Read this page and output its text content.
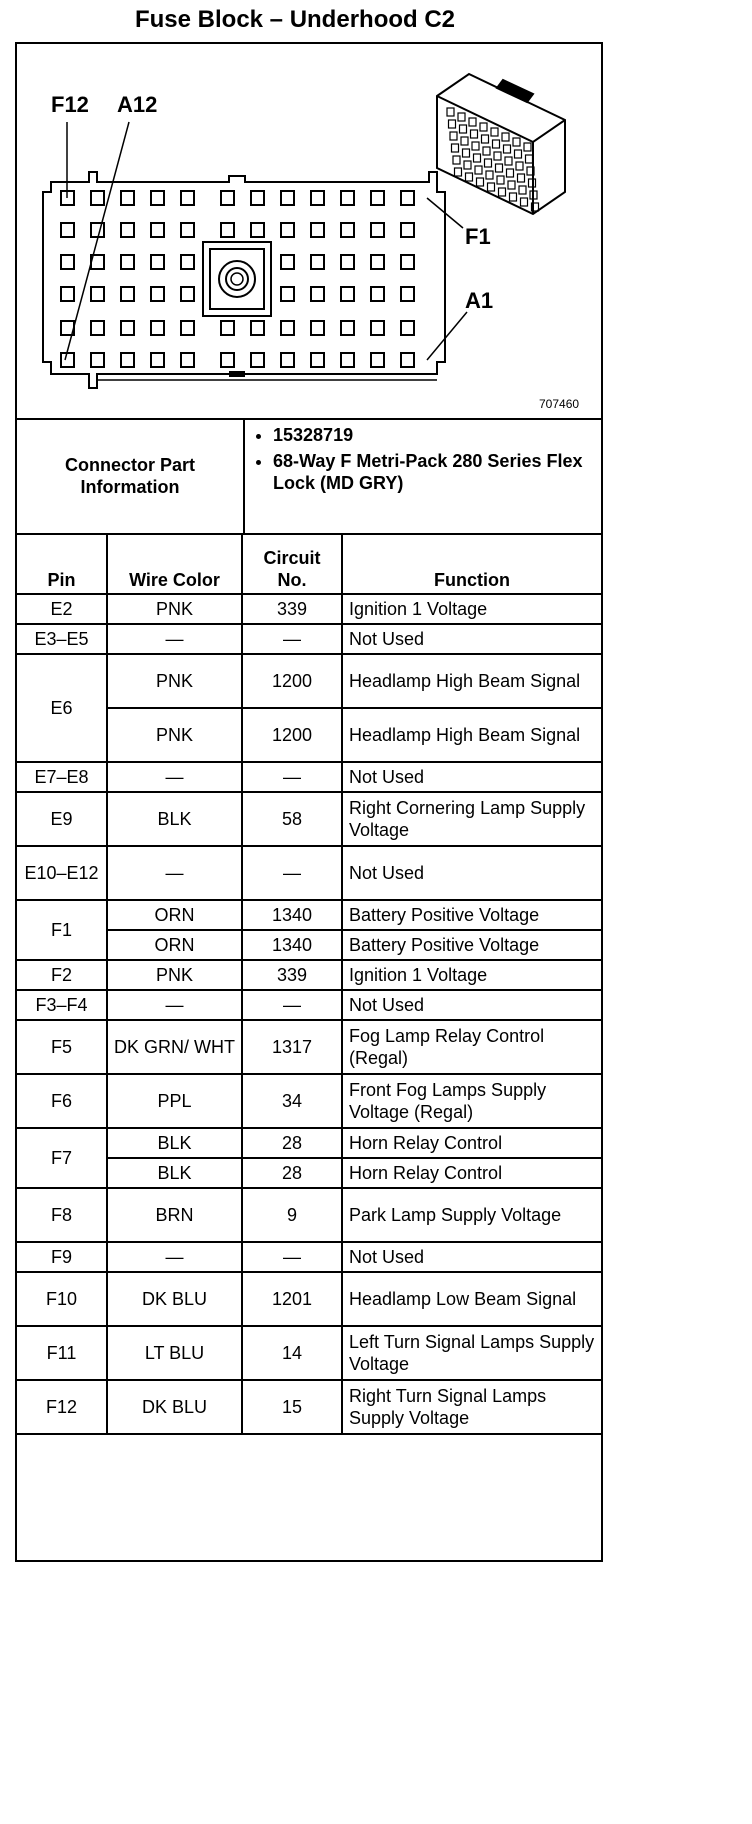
Fuse Block – Underhood C2
F12 A12
F1
A1
707460
Connector Part Information
• 15328719
• 68-Way F Metri-Pack 280 Series Flex Lock (MD GRY)
Pin	Wire Color	Circuit No.	Function
E2	PNK	339	Ignition 1 Voltage
E3–E5	—	—	Not Used
E6	PNK	1200	Headlamp High Beam Signal
	PNK	1200	Headlamp High Beam Signal
E7–E8	—	—	Not Used
E9	BLK	58	Right Cornering Lamp Supply Voltage
E10–E12	—	—	Not Used
F1	ORN	1340	Battery Positive Voltage
	ORN	1340	Battery Positive Voltage
F2	PNK	339	Ignition 1 Voltage
F3–F4	—	—	Not Used
F5	DK GRN/ WHT	1317	Fog Lamp Relay Control (Regal)
F6	PPL	34	Front Fog Lamps Supply Voltage (Regal)
F7	BLK	28	Horn Relay Control
	BLK	28	Horn Relay Control
F8	BRN	9	Park Lamp Supply Voltage
F9	—	—	Not Used
F10	DK BLU	1201	Headlamp Low Beam Signal
F11	LT BLU	14	Left Turn Signal Lamps Supply Voltage
F12	DK BLU	15	Right Turn Signal Lamps Supply Voltage
